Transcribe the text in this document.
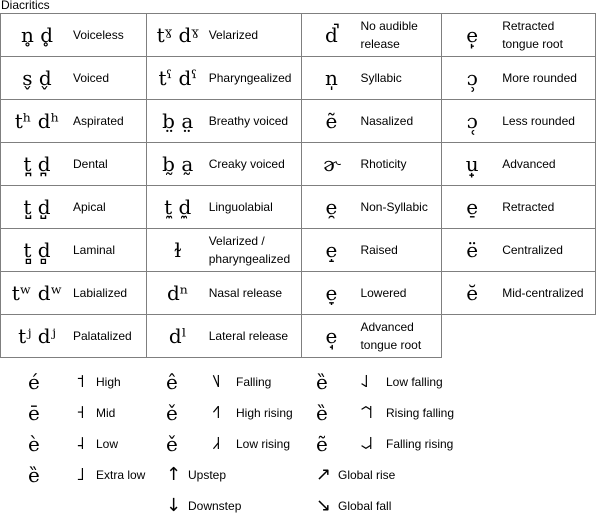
Diacritics
n̥ d̥ Voiceless	tˠ dˠ Velarized	d̚ No audible release	e̙ Retracted tongue root
s̬ d̬ Voiced	tˤ dˤ Pharyngealized	n̩ Syllabic	ɔ̹ More rounded
tʰ dʰ Aspirated	b̤ a̤ Breathy voiced	ẽ Nasalized	ɔ̜ Less rounded
t̪ d̪ Dental	b̰ a̰ Creaky voiced	ɚ Rhoticity	u̟ Advanced
t̺ d̺ Apical	t̼ d̼ Linguolabial	e̯ Non-Syllabic	e̠ Retracted
t̻ d̻ Laminal	ɫ Velarized / pharyngealized	e̝ Raised	ë Centralized
tʷ dʷ Labialized	dⁿ Nasal release	e̞ Lowered	ĕ Mid-centralized
tʲ dʲ Palatalized	dˡ Lateral release	e̘ Advanced tongue root	
é ˦ High ê ˥˩ Falling ȅ ˨˩ Low falling
ē ˧ Mid	ě ˧˥ High rising ȅ ˦˥˦ Rising falling
è ˨ Low ě ˩˧ Low rising ẽ ˨˩˨ Falling rising
ȅ ˩ Extra low ↑ Upstep	↗ Global rise
↓ Downstep	↘ Global fall
